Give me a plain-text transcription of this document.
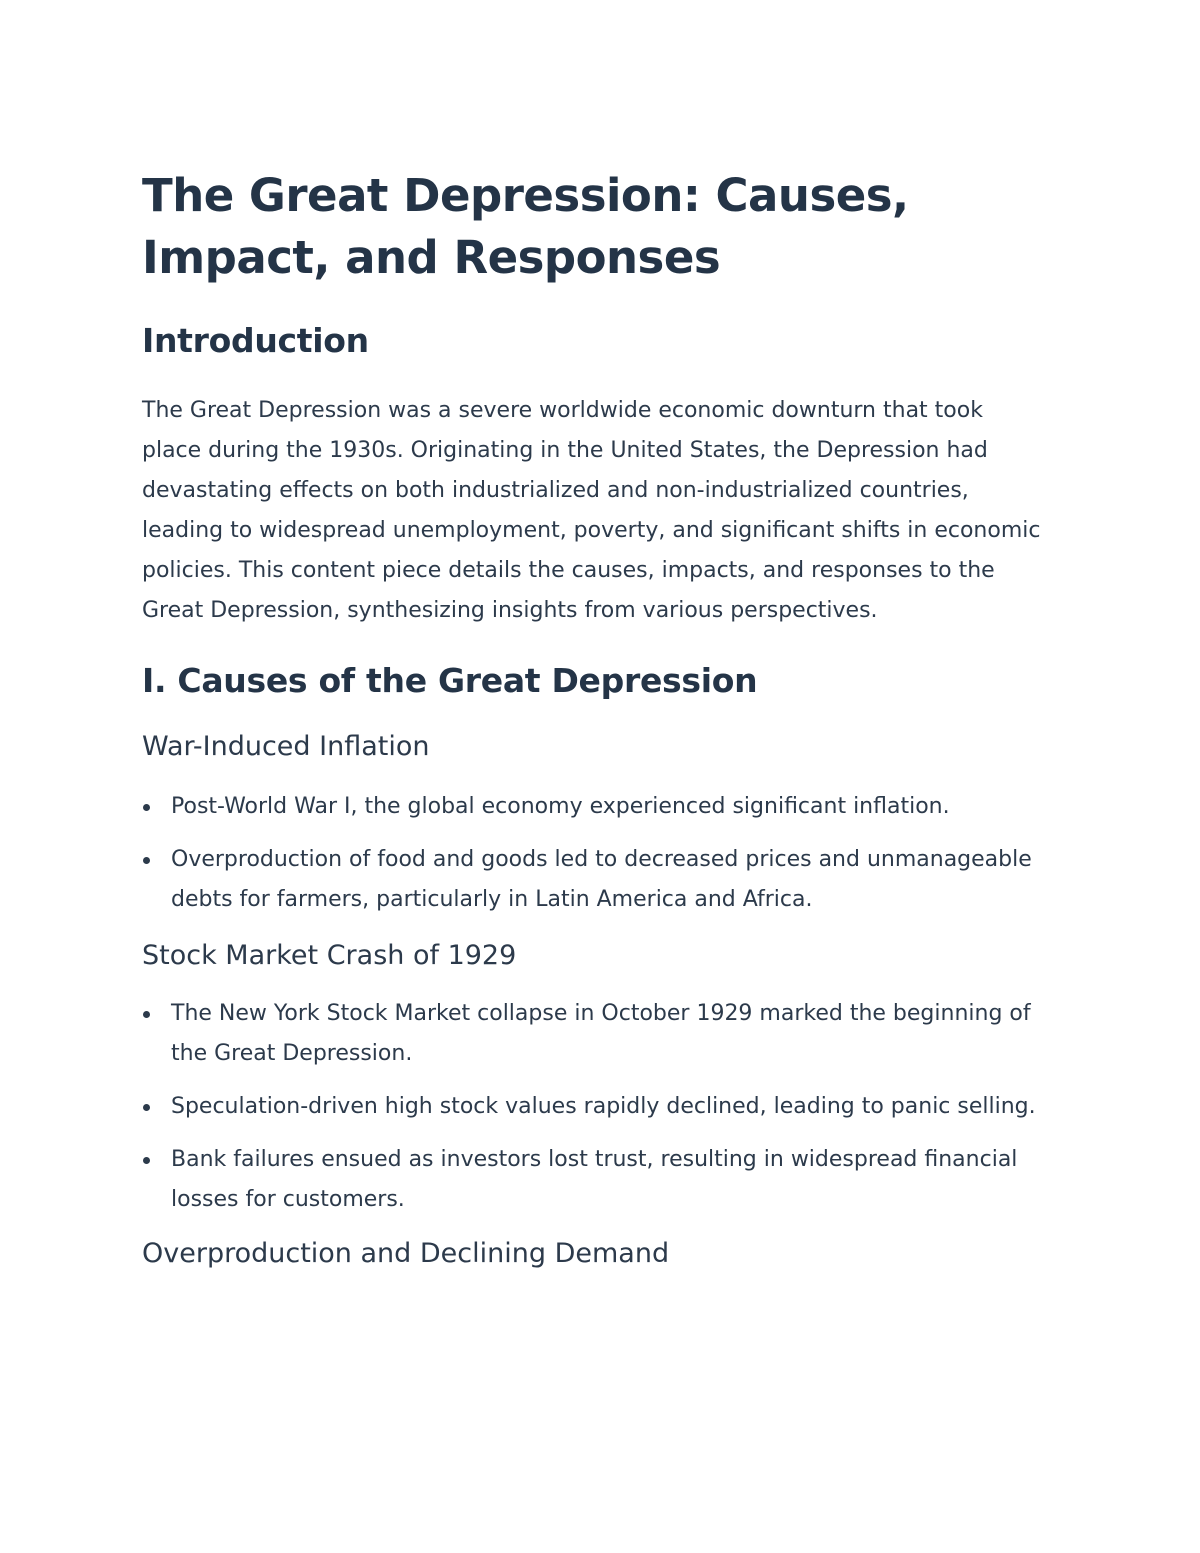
The Great Depression: Causes, Impact, and Responses
Introduction

The Great Depression was a severe worldwide economic downturn that took place during the 1930s. Originating in the United States, the Depression had devastating effects on both industrialized and non-industrialized countries, leading to widespread unemployment, poverty, and significant shifts in economic policies. This content piece details the causes, impacts, and responses to the Great Depression, synthesizing insights from various perspectives.

I. Causes of the Great Depression
War-Induced Inflation
Post-World War I, the global economy experienced significant inflation.
Overproduction of food and goods led to decreased prices and unmanageable debts for farmers, particularly in Latin America and Africa.
Stock Market Crash of 1929
The New York Stock Market collapse in October 1929 marked the beginning of the Great Depression.
Speculation-driven high stock values rapidly declined, leading to panic selling.
Bank failures ensued as investors lost trust, resulting in widespread financial losses for customers.
Overproduction and Declining Demand
